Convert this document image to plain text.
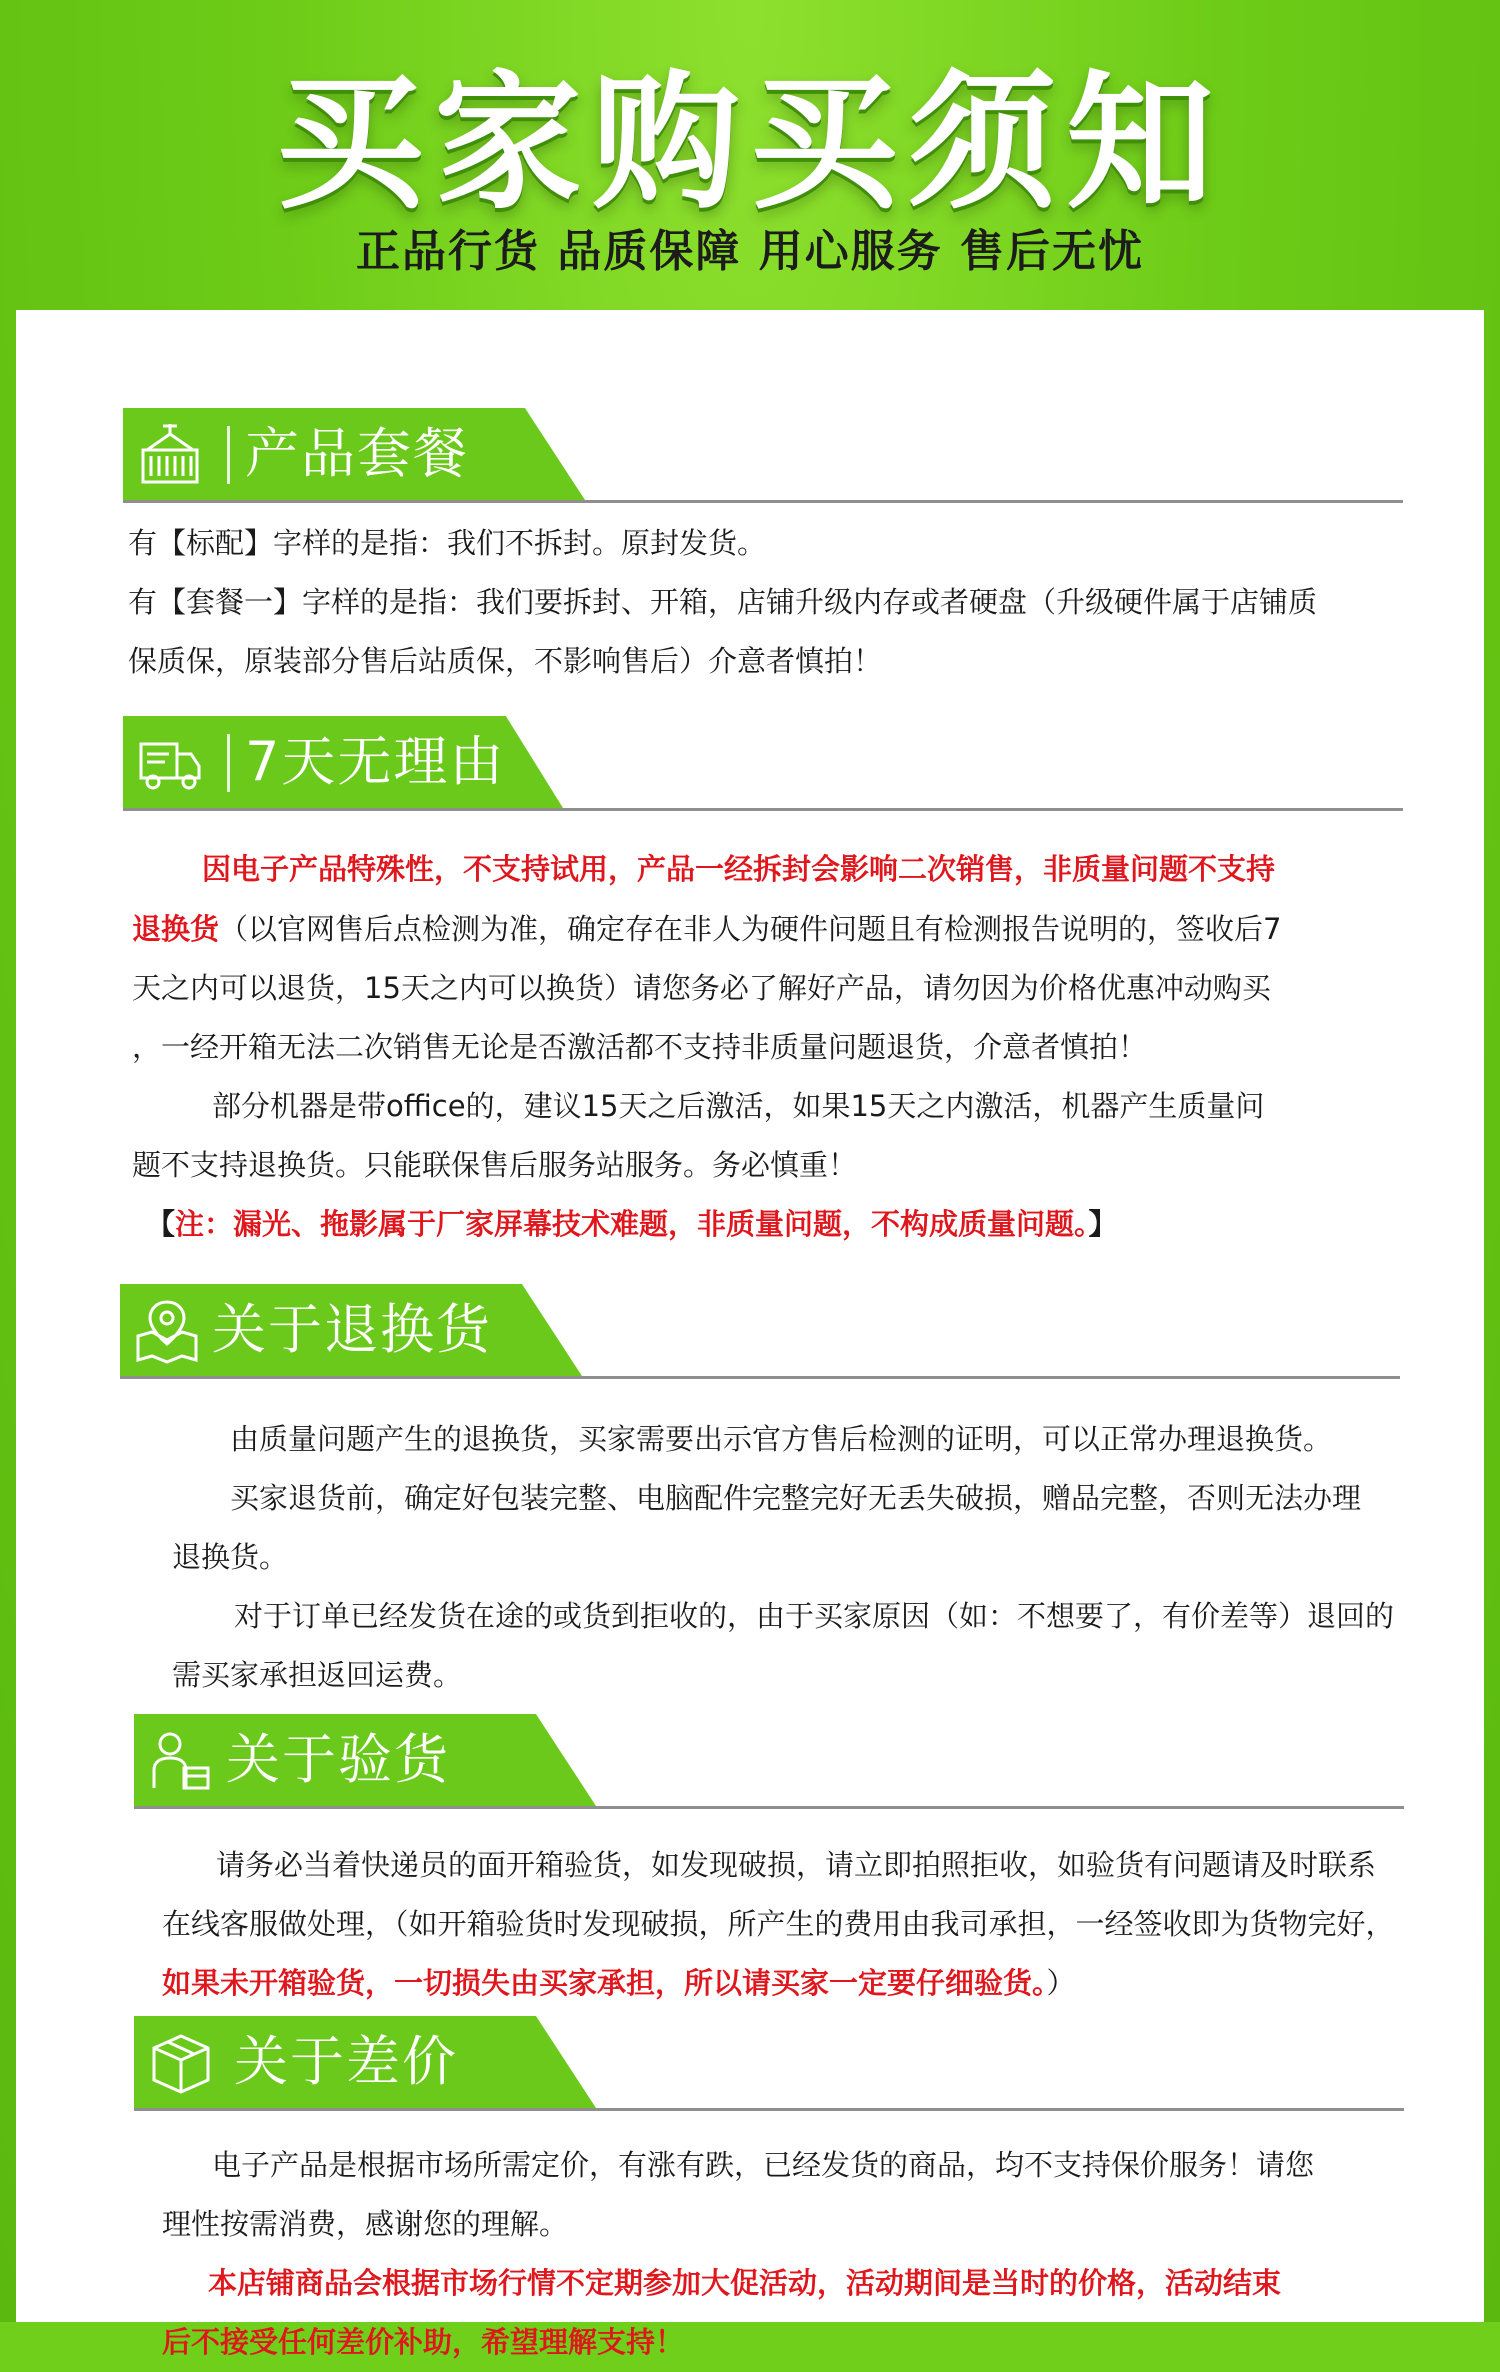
买家购买须知
正品行货 品质保障 用心服务 售后无忧
产品套餐
有【标配】字样的是指：我们不拆封。原封发货。
有【套餐一】字样的是指：我们要拆封、开箱，店铺升级内存或者硬盘（升级硬件属于店铺质
保质保，原装部分售后站质保，不影响售后）介意者慎拍！
7天无理由
因电子产品特殊性，不支持试用，产品一经拆封会影响二次销售，非质量问题不支持
退换货（以官网售后点检测为准，确定存在非人为硬件问题且有检测报告说明的，签收后7
天之内可以退货，15天之内可以换货）请您务必了解好产品，请勿因为价格优惠冲动购买
，一经开箱无法二次销售无论是否激活都不支持非质量问题退货，介意者慎拍！
部分机器是带office的，建议15天之后激活，如果15天之内激活，机器产生质量问
题不支持退换货。只能联保售后服务站服务。务必慎重！
【注：漏光、拖影属于厂家屏幕技术难题，非质量问题，不构成质量问题。】
关于退换货
由质量问题产生的退换货，买家需要出示官方售后检测的证明，可以正常办理退换货。
买家退货前，确定好包装完整、电脑配件完整完好无丢失破损，赠品完整，否则无法办理
退换货。
对于订单已经发货在途的或货到拒收的，由于买家原因（如：不想要了，有价差等）退回的
需买家承担返回运费。
关于验货
请务必当着快递员的面开箱验货，如发现破损，请立即拍照拒收，如验货有问题请及时联系
在线客服做处理，（如开箱验货时发现破损，所产生的费用由我司承担，一经签收即为货物完好，
如果未开箱验货，一切损失由买家承担，所以请买家一定要仔细验货。）
关于差价
电子产品是根据市场所需定价，有涨有跌，已经发货的商品，均不支持保价服务！请您
理性按需消费，感谢您的理解。
本店铺商品会根据市场行情不定期参加大促活动，活动期间是当时的价格，活动结束
后不接受任何差价补助，希望理解支持！
